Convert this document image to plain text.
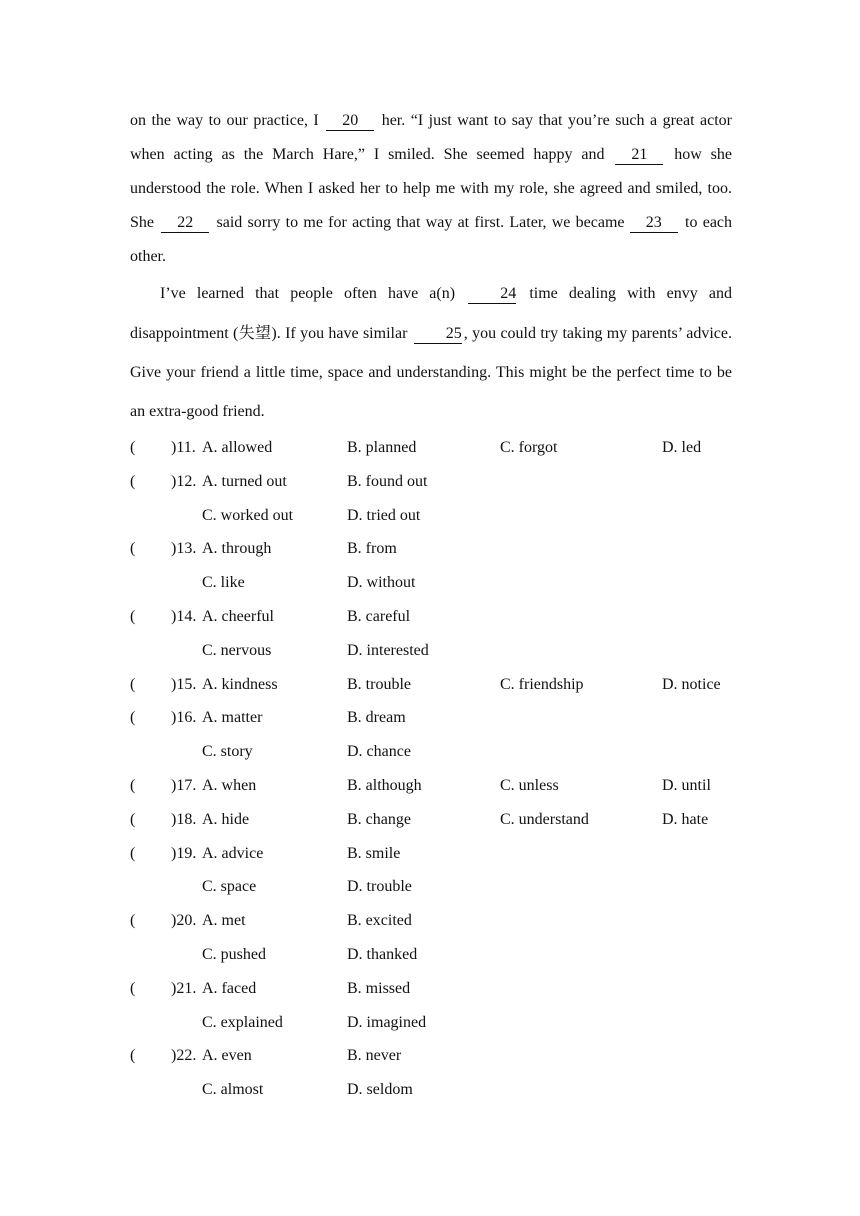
on the way to our practice, I 20 her. “I just want to say that you’re such a great actor when acting as the March Hare,” I smiled. She seemed happy and 21 how she understood the role. When I asked her to help me with my role, she agreed and smiled, too. She 22 said sorry to me for acting that way at first. Later, we became 23 to each other.

I’ve learned that people often have a(n) 24 time dealing with envy and disappointment (失望). If you have similar 25 , you could try taking my parents’ advice. Give your friend a little time, space and understanding. This might be the perfect time to be an extra-good friend.

( )11. A. allowed	B. planned	C. forgot	D. led
( )12. A. turned out	B. found out
C. worked out	D. tried out
( )13. A. through	B. from
C. like	D. without
( )14. A. cheerful	B. careful
C. nervous	D. interested
( )15. A. kindness	B. trouble	C. friendship	D. notice
( )16. A. matter	B. dream
C. story	D. chance
( )17. A. when	B. although	C. unless	D. until
( )18. A. hide	B. change	C. understand	D. hate
( )19. A. advice	B. smile
C. space	D. trouble
( )20. A. met	B. excited
C. pushed	D. thanked
( )21. A. faced	B. missed
C. explained	D. imagined
( )22. A. even	B. never
C. almost	D. seldom
